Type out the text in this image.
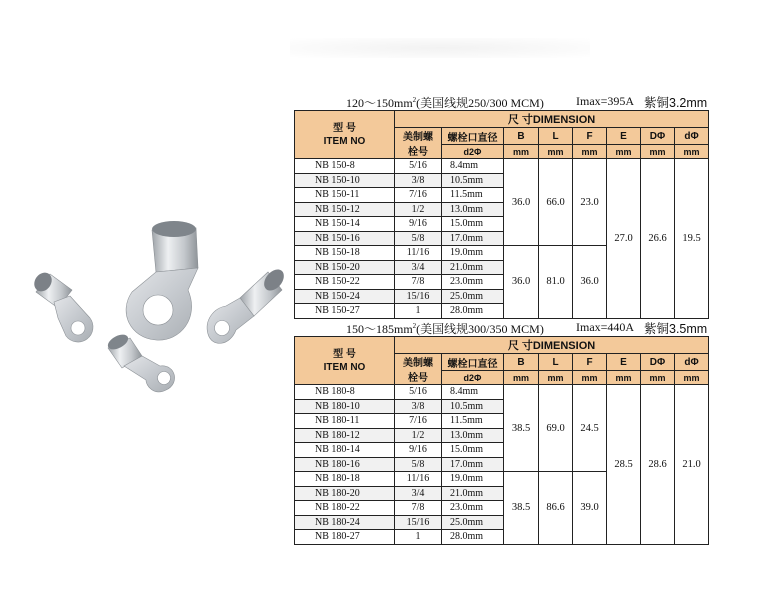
$120\sim 150mm^2$(美国线规250/300 MCM)	Imax=395A 紫铜3.2mm
型 号
ITEM NO	尺 寸DIMENSION							
	美制螺
栓号	螺栓口直径	B	L	F	E	DΦ	dΦ
		d2Φ	mm	mm	mm	mm	mm	mm
NB 150-8	5/16	8.4mm	36.0	66.0	23.0	27.0	26.6	19.5
NB 150-10	3/8	10.5mm						
NB 150-11	7/16	11.5mm						
NB 150-12	1/2	13.0mm						
NB 150-14	9/16	15.0mm						
NB 150-16	5/8	17.0mm						
NB 150-18	11/16	19.0mm	36.0	81.0	36.0			
NB 150-20	3/4	21.0mm						
NB 150-22	7/8	23.0mm						
NB 150-24	15/16	25.0mm						
NB 150-27	1	28.0mm						
$150\sim 185mm^2$(美国线规300/350 MCM)	Imax=440A 紫铜3.5mm
型 号
ITEM NO	尺 寸DIMENSION							
	美制螺
栓号	螺栓口直径	B	L	F	E	DΦ	dΦ
		d2Φ	mm	mm	mm	mm	mm	mm
NB 180-8	5/16	8.4mm	38.5	69.0	24.5	28.5	28.6	21.0
NB 180-10	3/8	10.5mm						
NB 180-11	7/16	11.5mm						
NB 180-12	1/2	13.0mm						
NB 180-14	9/16	15.0mm						
NB 180-16	5/8	17.0mm						
NB 180-18	11/16	19.0mm	38.5	86.6	39.0			
NB 180-20	3/4	21.0mm						
NB 180-22	7/8	23.0mm						
NB 180-24	15/16	25.0mm						
NB 180-27	1	28.0mm						
